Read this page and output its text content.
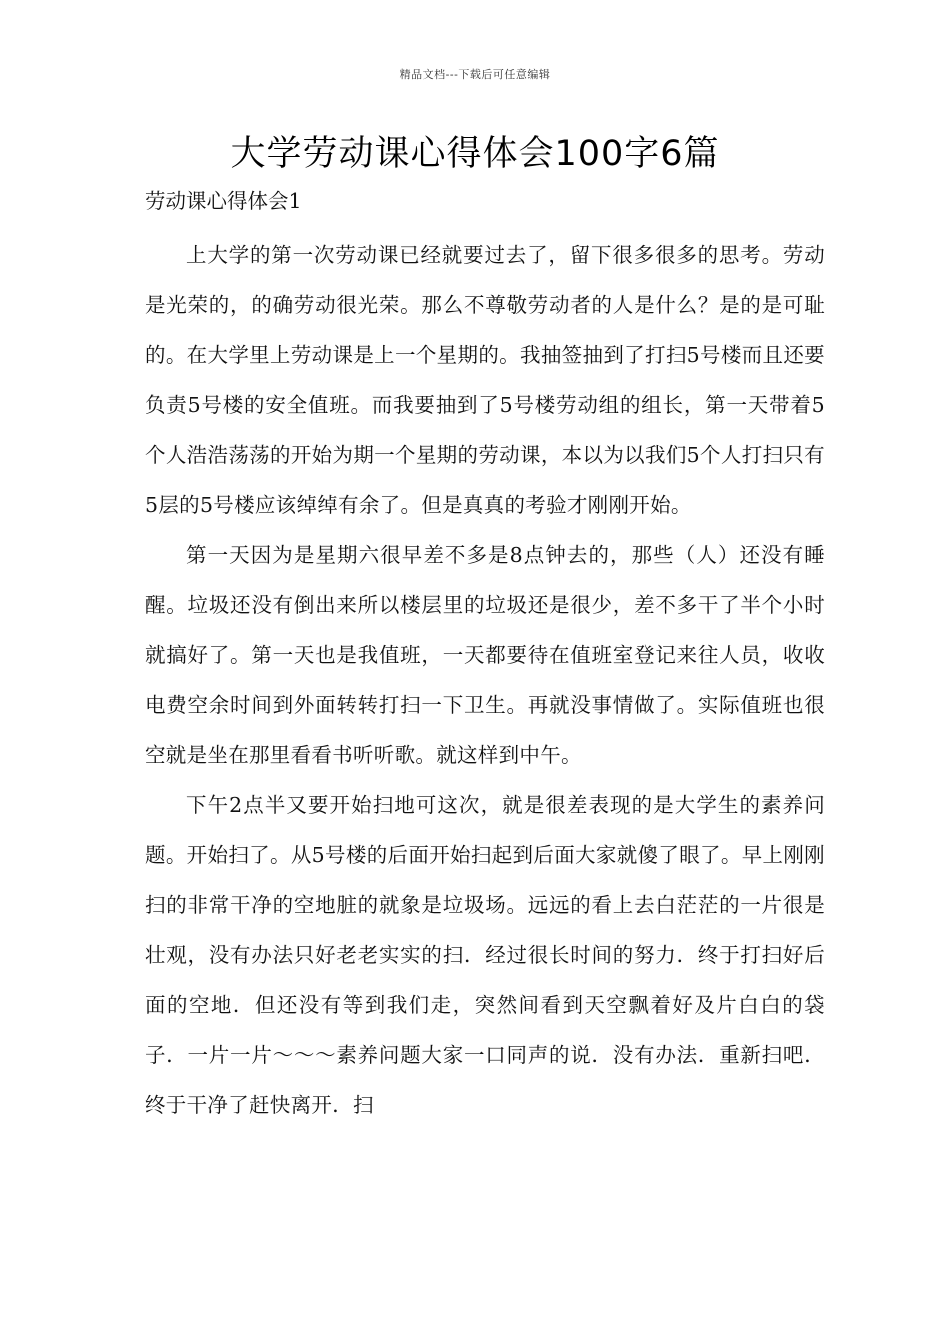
精品文档---下载后可任意编辑
大学劳动课心得体会100字6篇
劳动课心得体会1

上大学的第一次劳动课已经就要过去了，留下很多很多的思考。劳动是光荣的，的确劳动很光荣。那么不尊敬劳动者的人是什么？是的是可耻的。在大学里上劳动课是上一个星期的。我抽签抽到了打扫5号楼而且还要负责5号楼的安全值班。而我要抽到了5号楼劳动组的组长，第一天带着5个人浩浩荡荡的开始为期一个星期的劳动课，本以为以我们5个人打扫只有5层的5号楼应该绰绰有余了。但是真真的考验才刚刚开始。

第一天因为是星期六很早差不多是8点钟去的，那些（人）还没有睡醒。垃圾还没有倒出来所以楼层里的垃圾还是很少，差不多干了半个小时就搞好了。第一天也是我值班，一天都要待在值班室登记来往人员，收收电费空余时间到外面转转打扫一下卫生。再就没事情做了。实际值班也很空就是坐在那里看看书听听歌。就这样到中午。

下午2点半又要开始扫地可这次，就是很差表现的是大学生的素养问题。开始扫了。从5号楼的后面开始扫起到后面大家就傻了眼了。早上刚刚扫的非常干净的空地脏的就象是垃圾场。远远的看上去白茫茫的一片很是壮观，没有办法只好老老实实的扫．经过很长时间的努力．终于打扫好后面的空地．但还没有等到我们走，突然间看到天空飘着好及片白白的袋子．一片一片～～～素养问题大家一口同声的说．没有办法．重新扫吧．终于干净了赶快离开．扫
